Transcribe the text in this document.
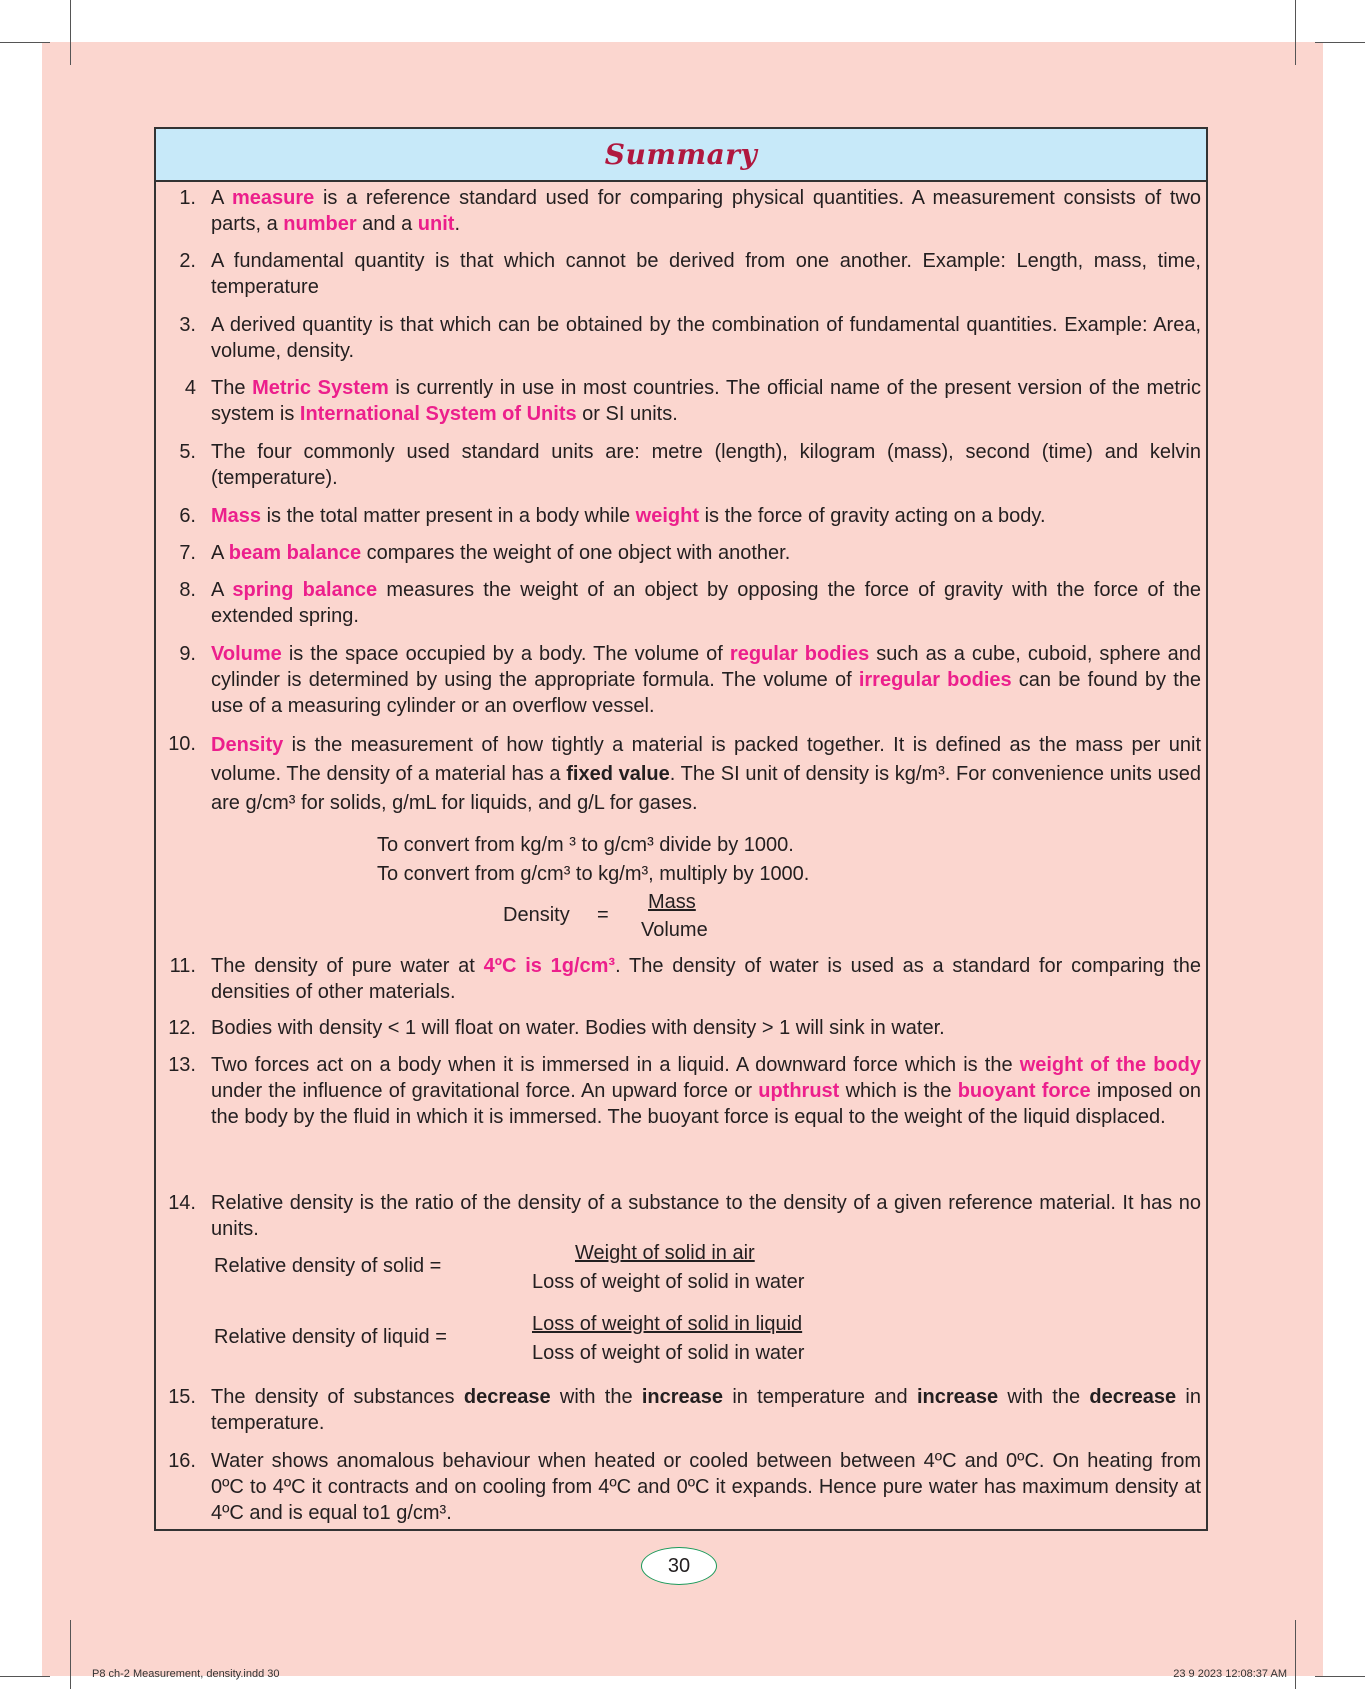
Summary
1. A measure is a reference standard used for comparing physical quantities. A measurement consists of two parts, a number and a unit.
2. A fundamental quantity is that which cannot be derived from one another. Example: Length, mass, time, temperature
3. A derived quantity is that which can be obtained by the combination of fundamental quantities. Example: Area, volume, density.
4 The Metric System is currently in use in most countries. The official name of the present version of the metric system is International System of Units or SI units.
5. The four commonly used standard units are: metre (length), kilogram (mass), second (time) and kelvin (temperature).
6. Mass is the total matter present in a body while weight is the force of gravity acting on a body.
7. A beam balance compares the weight of one object with another.
8. A spring balance measures the weight of an object by opposing the force of gravity with the force of the extended spring.
9. Volume is the space occupied by a body. The volume of regular bodies such as a cube, cuboid, sphere and cylinder is determined by using the appropriate formula. The volume of irregular bodies can be found by the use of a measuring cylinder or an overflow vessel.
10. Density is the measurement of how tightly a material is packed together. It is defined as the mass per unit volume. The density of a material has a fixed value. The SI unit of density is kg/m³. For convenience units used are g/cm³ for solids, g/mL for liquids, and g/L for gases.
To convert from kg/m ³ to g/cm³ divide by 1000.
To convert from g/cm³ to kg/m³, multiply by 1000.
Density =
Mass
Volume
11. The density of pure water at 4ºC is 1g/cm³. The density of water is used as a standard for comparing the densities of other materials.
12. Bodies with density < 1 will float on water. Bodies with density > 1 will sink in water.
13. Two forces act on a body when it is immersed in a liquid. A downward force which is the weight of the body under the influence of gravitational force. An upward force or upthrust which is the buoyant force imposed on the body by the fluid in which it is immersed. The buoyant force is equal to the weight of the liquid displaced.
14. Relative density is the ratio of the density of a substance to the density of a given reference material. It has no units.
Relative density of solid =
Weight of solid in air
Loss of weight of solid in water
Relative density of liquid =
Loss of weight of solid in liquid
Loss of weight of solid in water
15. The density of substances decrease with the increase in temperature and increase with the decrease in temperature.
16. Water shows anomalous behaviour when heated or cooled between between 4ºC and 0ºC. On heating from 0ºC to 4ºC it contracts and on cooling from 4ºC and 0ºC it expands. Hence pure water has maximum density at 4ºC and is equal to1 g/cm³.
30
P8 ch-2 Measurement, density.indd 30	23 9 2023 12:08:37 AM
